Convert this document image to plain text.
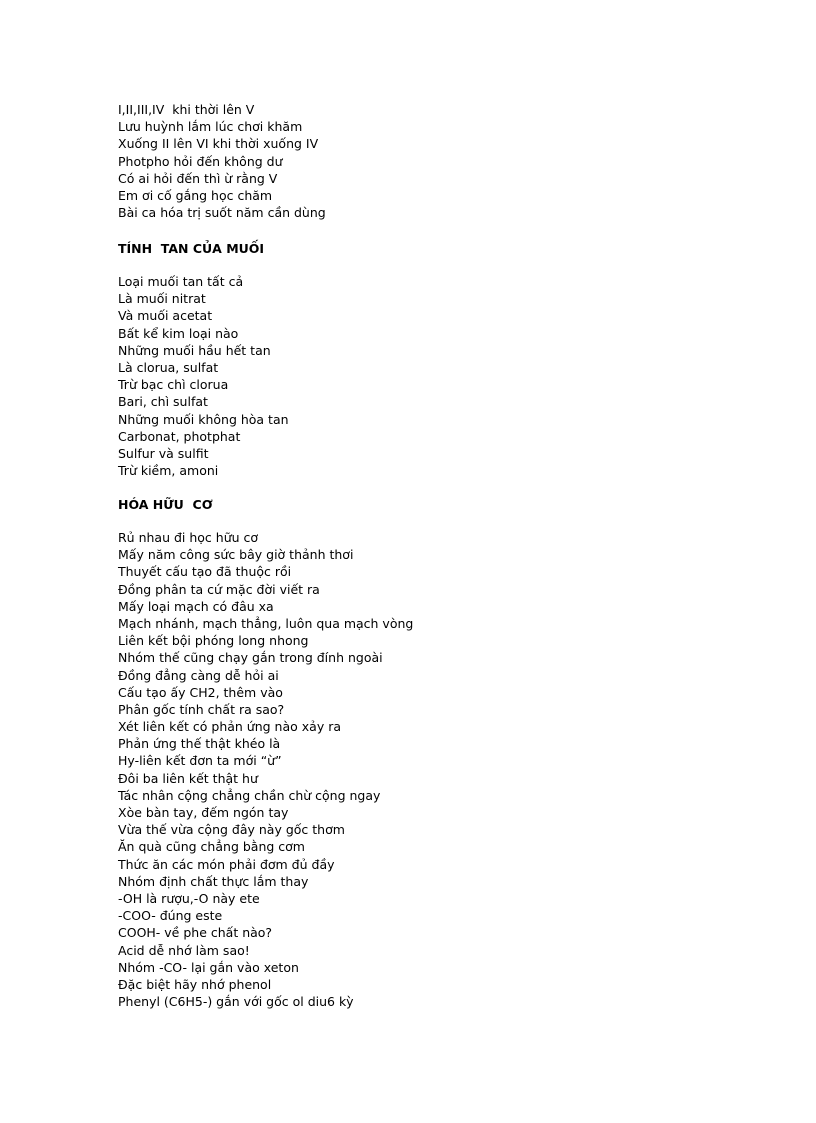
I,II,III,IV  khi thời lên V
Lưu huỳnh lắm lúc chơi khăm
Xuống II lên VI khi thời xuống IV
Photpho hỏi đến không dư
Có ai hỏi đến thì ừ rằng V
Em ơi cố gắng học chăm
Bài ca hóa trị suốt năm cần dùng
TÍNH  TAN CỦA MUỐI
Loại muối tan tất cả
Là muối nitrat
Và muối acetat
Bất kể kim loại nào
Những muối hầu hết tan
Là clorua, sulfat
Trừ bạc chì clorua
Bari, chì sulfat
Những muối không hòa tan
Carbonat, photphat
Sulfur và sulfit
Trừ kiềm, amoni
HÓA HỮU  CƠ
Rủ nhau đi học hữu cơ
Mấy năm công sức bây giờ thảnh thơi
Thuyết cấu tạo đã thuộc rồi
Đồng phân ta cứ mặc đời viết ra
Mấy loại mạch có đâu xa
Mạch nhánh, mạch thẳng, luôn qua mạch vòng
Liên kết bội phóng long nhong
Nhóm thế cũng chạy gắn trong đính ngoài
Đồng đẳng càng dễ hỏi ai
Cấu tạo ấy CH2, thêm vào
Phân gốc tính chất ra sao?
Xét liên kết có phản ứng nào xảy ra
Phản ứng thế thật khéo là
Hy-liên kết đơn ta mới “ừ”
Đôi ba liên kết thật hư
Tác nhân cộng chẳng chần chừ cộng ngay
Xòe bàn tay, đếm ngón tay
Vừa thế vừa cộng đây này gốc thơm
Ăn quà cũng chẳng bằng cơm
Thức ăn các món phải đơm đủ đầy
Nhóm định chất thực lắm thay
-OH là rượu,-O này ete
-COO- đúng este
COOH- về phe chất nào?
Acid dễ nhớ làm sao!
Nhóm -CO- lại gắn vào xeton
Đặc biệt hãy nhớ phenol
Phenyl (C6H5-) gắn với gốc ol diu6 kỳ
